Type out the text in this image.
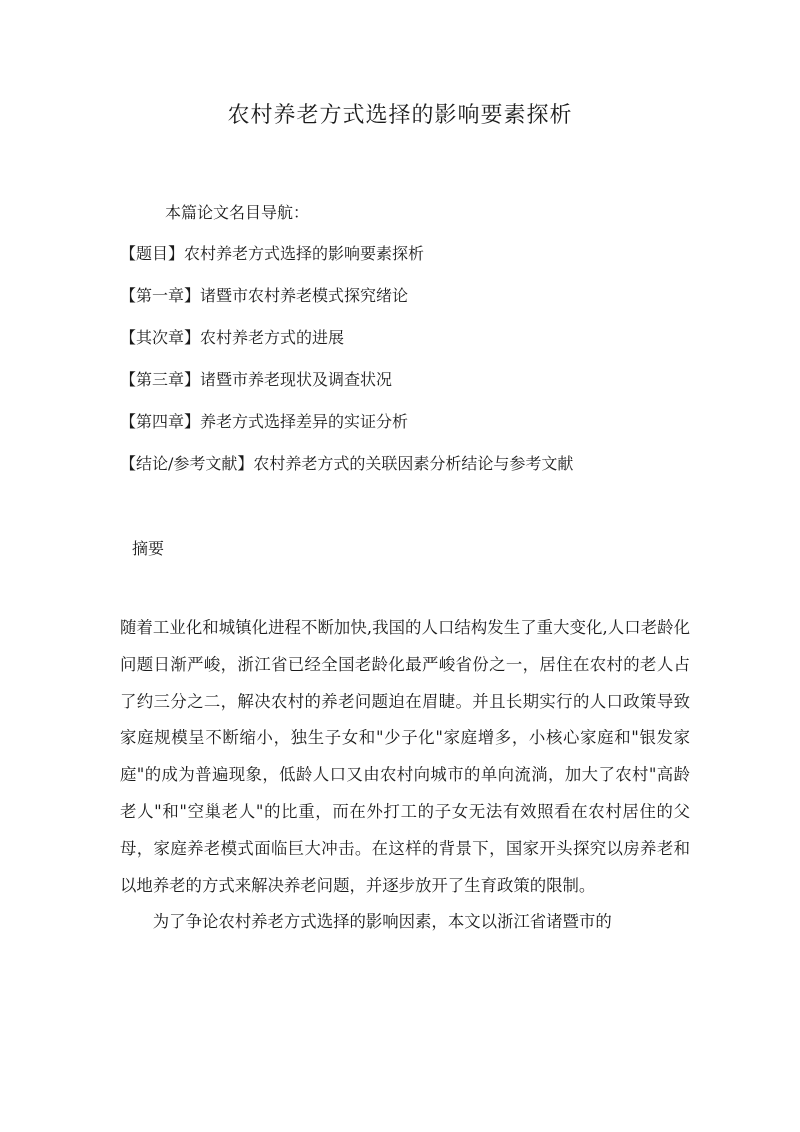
农村养老方式选择的影响要素探析
本篇论文名目导航：
【题目】农村养老方式选择的影响要素探析
【第一章】诸暨市农村养老模式探究绪论
【其次章】农村养老方式的进展
【第三章】诸暨市养老现状及调查状况
【第四章】养老方式选择差异的实证分析
【结论/参考文献】农村养老方式的关联因素分析结论与参考文献
摘要

随着工业化和城镇化进程不断加快,我国的人口结构发生了重大变化,人口老龄化问题日渐严峻，浙江省已经全国老龄化最严峻省份之一，居住在农村的老人占了约三分之二，解决农村的养老问题迫在眉睫。并且长期实行的人口政策导致家庭规模呈不断缩小，独生子女和"少子化"家庭增多，小核心家庭和"银发家庭"的成为普遍现象，低龄人口又由农村向城市的单向流淌，加大了农村"高龄老人"和"空巢老人"的比重，而在外打工的子女无法有效照看在农村居住的父母，家庭养老模式面临巨大冲击。在这样的背景下，国家开头探究以房养老和以地养老的方式来解决养老问题，并逐步放开了生育政策的限制。

为了争论农村养老方式选择的影响因素，本文以浙江省诸暨市的
